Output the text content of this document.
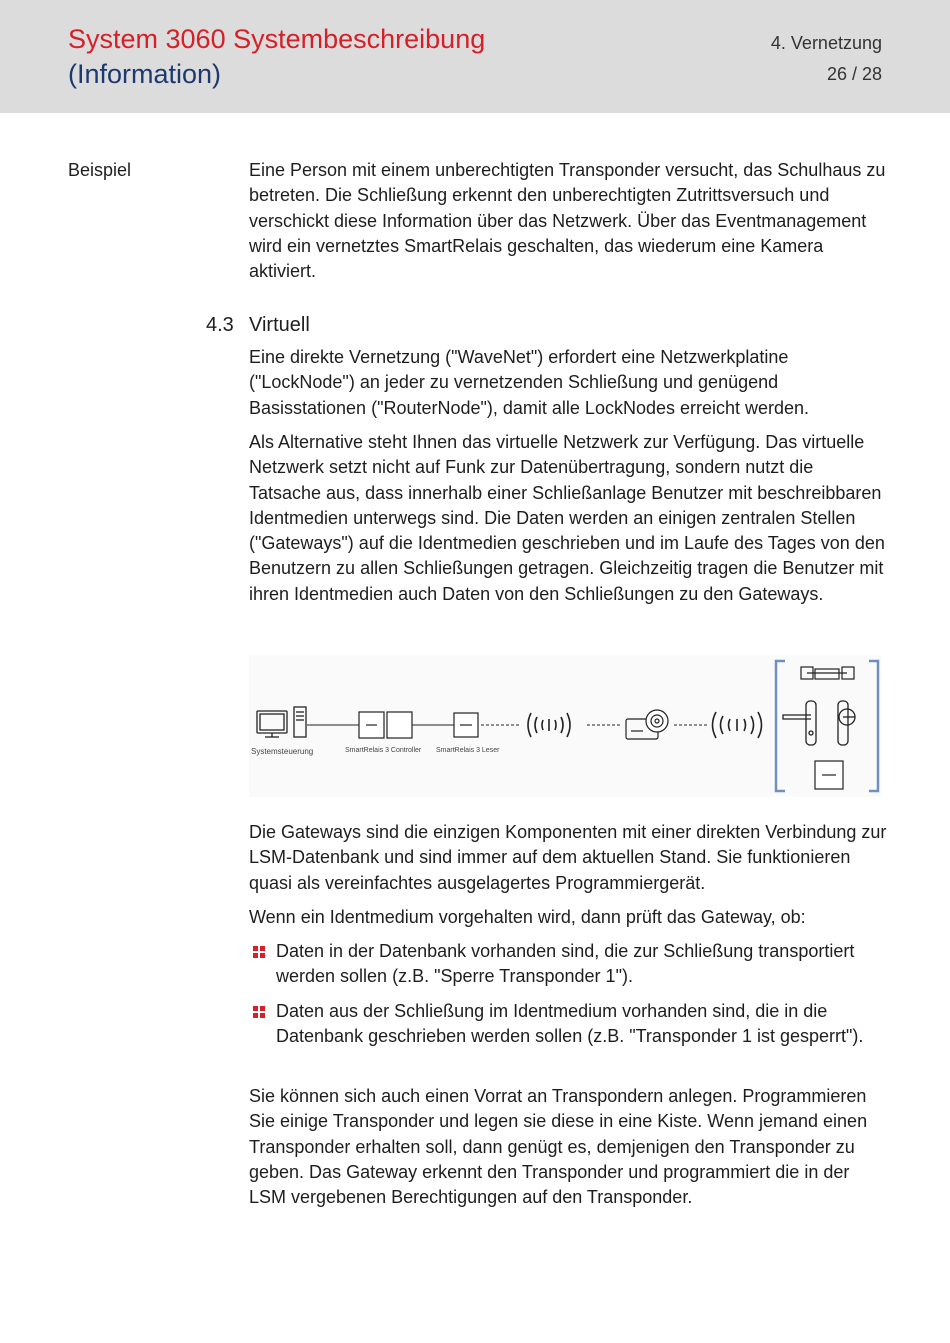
System 3060 Systembeschreibung
(Information)
4. Vernetzung
26 / 28
Beispiel	Eine Person mit einem unberechtigten Transponder versucht, das Schulhaus zu betreten. Die Schließung erkennt den unberechtigten Zutrittsversuch und verschickt diese Information über das Netzwerk. Über das Eventmanagement wird ein vernetztes SmartRelais geschalten, das wiederum eine Kamera aktiviert.

4.3 Virtuell

Eine direkte Vernetzung ("WaveNet") erfordert eine Netzwerkplatine ("LockNode") an jeder zu vernetzenden Schließung und genügend Basisstationen ("RouterNode"), damit alle LockNodes erreicht werden.

Als Alternative steht Ihnen das virtuelle Netzwerk zur Verfügung. Das virtuelle Netzwerk setzt nicht auf Funk zur Datenübertragung, sondern nutzt die Tatsache aus, dass innerhalb einer Schließanlage Benutzer mit beschreibbaren Identmedien unterwegs sind. Die Daten werden an einigen zentralen Stellen ("Gateways") auf die Identmedien geschrieben und im Laufe des Tages von den Benutzern zu allen Schließungen getragen. Gleichzeitig tragen die Benutzer mit ihren Identmedien auch Daten von den Schließungen zu den Gateways.

Systemsteuerung	SmartRelais 3 Controller SmartRelais 3 Leser

Die Gateways sind die einzigen Komponenten mit einer direkten Verbindung zur LSM-Datenbank und sind immer auf dem aktuellen Stand. Sie funktionieren quasi als vereinfachtes ausgelagertes Programmiergerät.

Wenn ein Identmedium vorgehalten wird, dann prüft das Gateway, ob:

Daten in der Datenbank vorhanden sind, die zur Schließung transportiert werden sollen (z.B. "Sperre Transponder 1").
Daten aus der Schließung im Identmedium vorhanden sind, die in die Datenbank geschrieben werden sollen (z.B. "Transponder 1 ist gesperrt").

Sie können sich auch einen Vorrat an Transpondern anlegen. Programmieren Sie einige Transponder und legen sie diese in eine Kiste. Wenn jemand einen Transponder erhalten soll, dann genügt es, demjenigen den Transponder zu geben. Das Gateway erkennt den Transponder und programmiert die in der LSM vergebenen Berechtigungen auf den Transponder.
